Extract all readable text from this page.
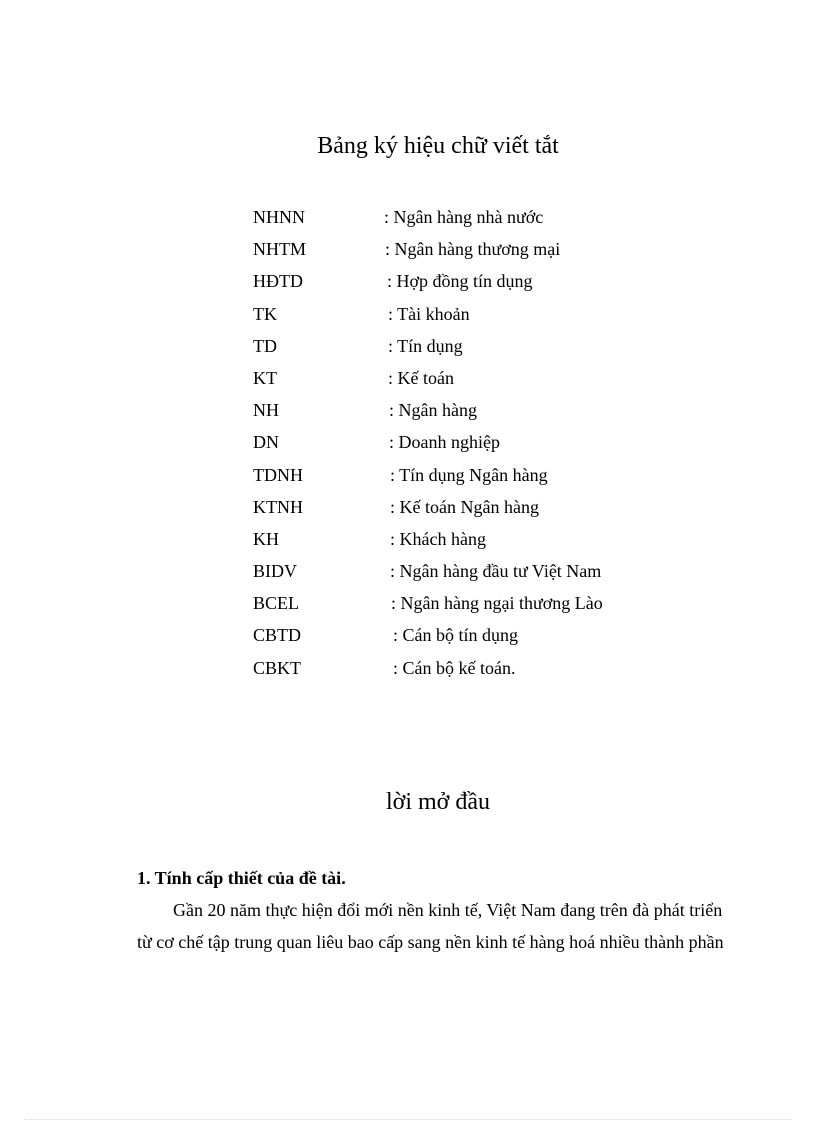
Bảng ký hiệu chữ viết tắt
NHNN	: Ngân hàng nhà nước
NHTM	: Ngân hàng thương mại
HĐTD	: Hợp đồng tín dụng
TK	: Tài khoản
TD	: Tín dụng
KT	: Kế toán
NH	: Ngân hàng
DN	: Doanh nghiệp
TDNH	: Tín dụng Ngân hàng
KTNH	: Kế toán Ngân hàng
KH	: Khách hàng
BIDV	: Ngân hàng đầu tư Việt Nam
BCEL	: Ngân hàng ngại thương Lào
CBTD	: Cán bộ tín dụng
CBKT	: Cán bộ kế toán.
lời mở đầu
1. Tính cấp thiết của đề tài.
Gần 20 năm thực hiện đổi mới nền kinh tế, Việt Nam đang trên đà phát triển
từ cơ chế tập trung quan liêu bao cấp sang nền kinh tế hàng hoá nhiều thành phần
